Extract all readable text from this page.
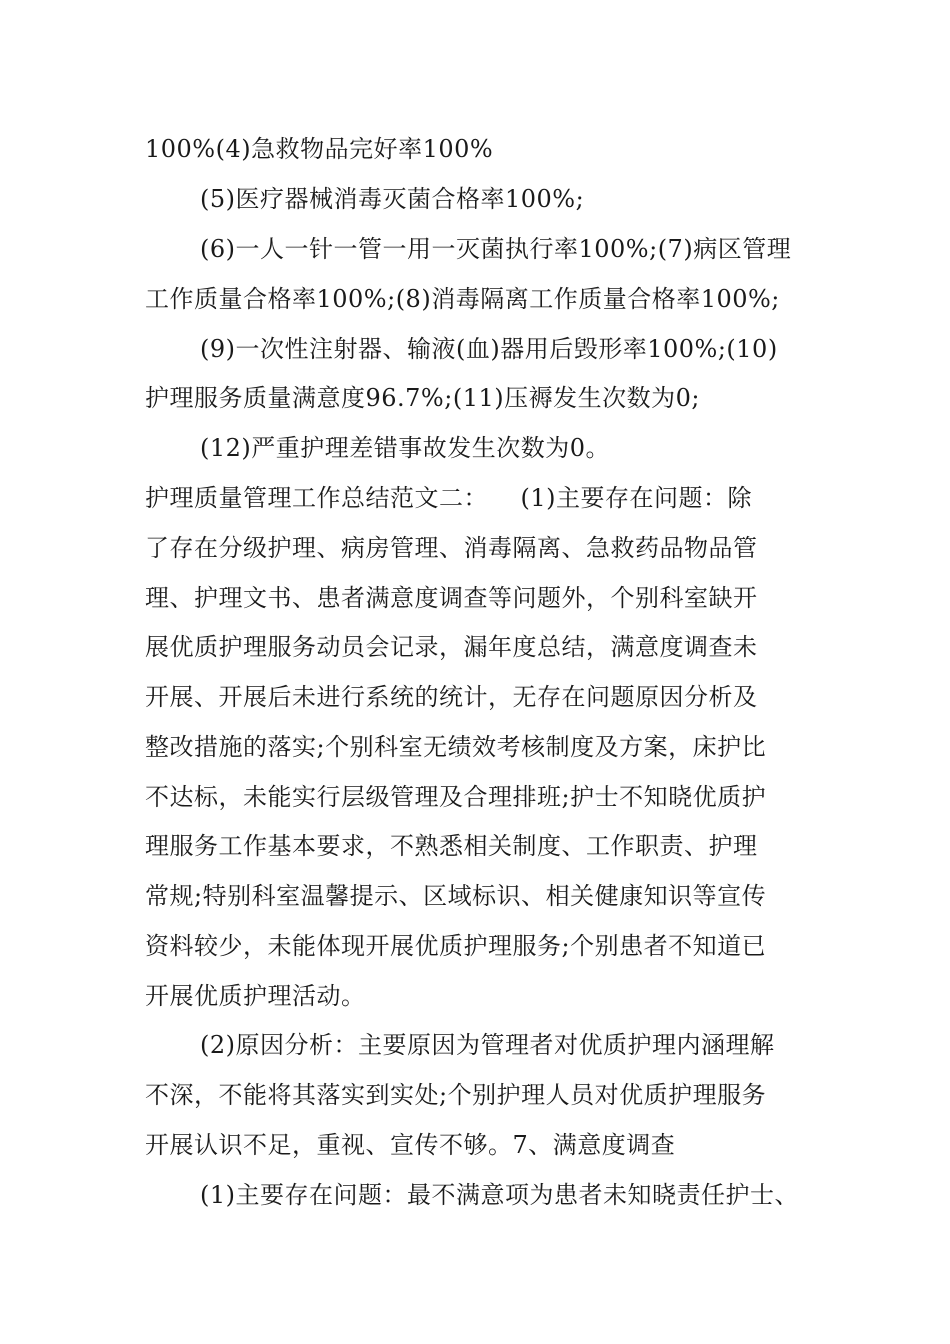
100%(4)急救物品完好率100%
(5)医疗器械消毒灭菌合格率100%;
(6)一人一针一管一用一灭菌执行率100%;(7)病区管理
工作质量合格率100%;(8)消毒隔离工作质量合格率100%;
(9)一次性注射器、输液(血)器用后毁形率100%;(10)
护理服务质量满意度96.7%;(11)压褥发生次数为0;
(12)严重护理差错事故发生次数为0。
护理质量管理工作总结范文二：    (1)主要存在问题：除
了存在分级护理、病房管理、消毒隔离、急救药品物品管
理、护理文书、患者满意度调查等问题外，个别科室缺开
展优质护理服务动员会记录，漏年度总结，满意度调查未
开展、开展后未进行系统的统计，无存在问题原因分析及
整改措施的落实;个别科室无绩效考核制度及方案，床护比
不达标，未能实行层级管理及合理排班;护士不知晓优质护
理服务工作基本要求，不熟悉相关制度、工作职责、护理
常规;特别科室温馨提示、区域标识、相关健康知识等宣传
资料较少，未能体现开展优质护理服务;个别患者不知道已
开展优质护理活动。
(2)原因分析：主要原因为管理者对优质护理内涵理解
不深，不能将其落实到实处;个别护理人员对优质护理服务
开展认识不足，重视、宣传不够。7、满意度调查
(1)主要存在问题：最不满意项为患者未知晓责任护士、
